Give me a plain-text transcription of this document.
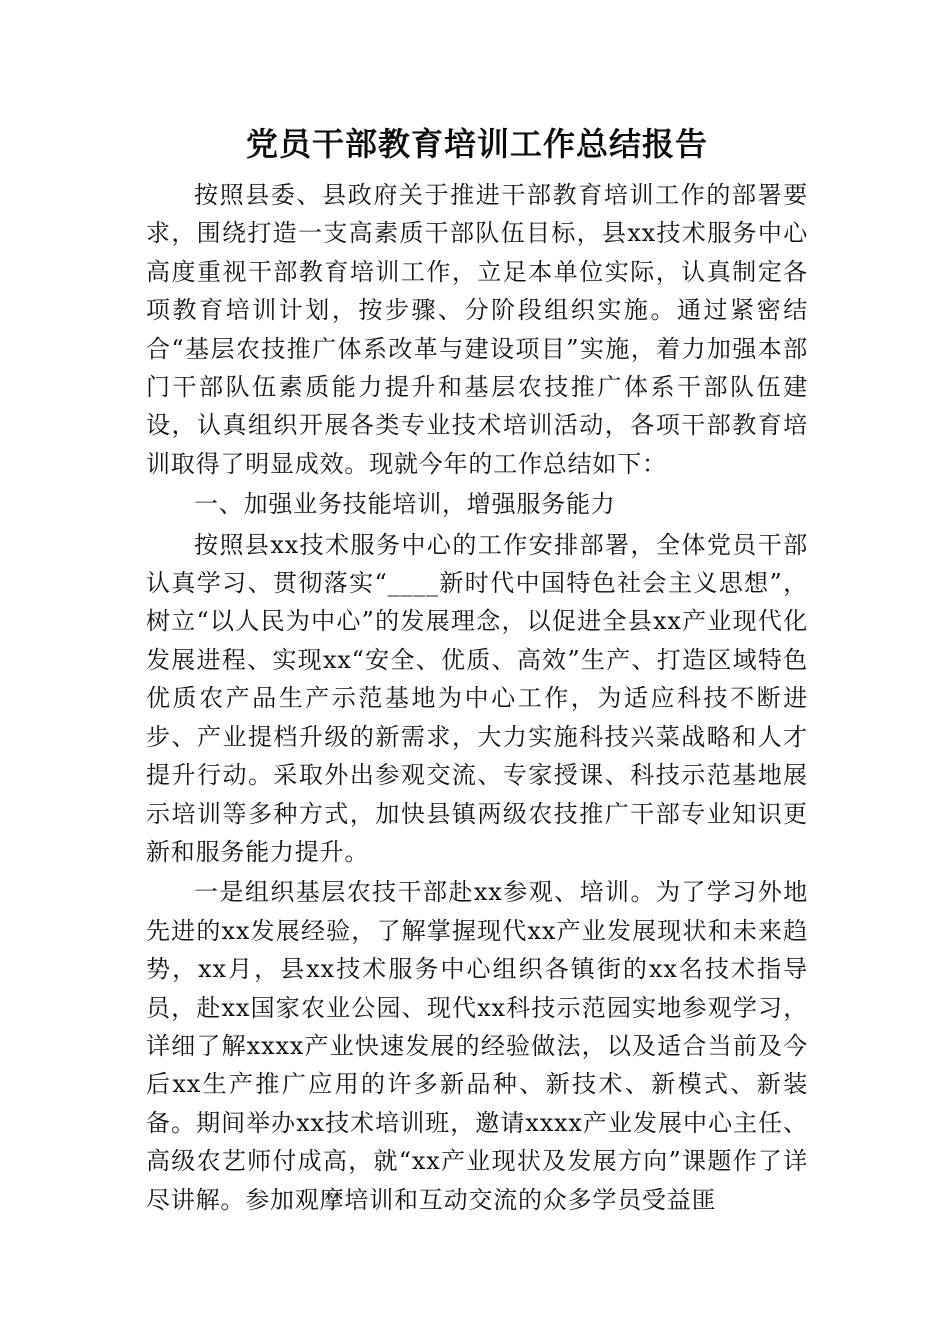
党员干部教育培训工作总结报告

按照县委、县政府关于推进干部教育培训工作的部署要求，围绕打造一支高素质干部队伍目标，县xx技术服务中心高度重视干部教育培训工作，立足本单位实际，认真制定各项教育培训计划，按步骤、分阶段组织实施。通过紧密结合“基层农技推广体系改革与建设项目”实施，着力加强本部门干部队伍素质能力提升和基层农技推广体系干部队伍建设，认真组织开展各类专业技术培训活动，各项干部教育培训取得了明显成效。现就今年的工作总结如下：

一、加强业务技能培训，增强服务能力

按照县xx技术服务中心的工作安排部署，全体党员干部认真学习、贯彻落实“____新时代中国特色社会主义思想”，树立“以人民为中心”的发展理念，以促进全县xx产业现代化发展进程、实现xx“安全、优质、高效”生产、打造区域特色优质农产品生产示范基地为中心工作，为适应科技不断进步、产业提档升级的新需求，大力实施科技兴菜战略和人才提升行动。采取外出参观交流、专家授课、科技示范基地展示培训等多种方式，加快县镇两级农技推广干部专业知识更新和服务能力提升。

一是组织基层农技干部赴xx参观、培训。为了学习外地先进的xx发展经验，了解掌握现代xx产业发展现状和未来趋势，xx月，县xx技术服务中心组织各镇街的xx名技术指导员，赴xx国家农业公园、现代xx科技示范园实地参观学习，详细了解xxxx产业快速发展的经验做法，以及适合当前及今后xx生产推广应用的许多新品种、新技术、新模式、新装备。期间举办xx技术培训班，邀请xxxx产业发展中心主任、高级农艺师付成高，就“xx产业现状及发展方向”课题作了详尽讲解。参加观摩培训和互动交流的众多学员受益匪
